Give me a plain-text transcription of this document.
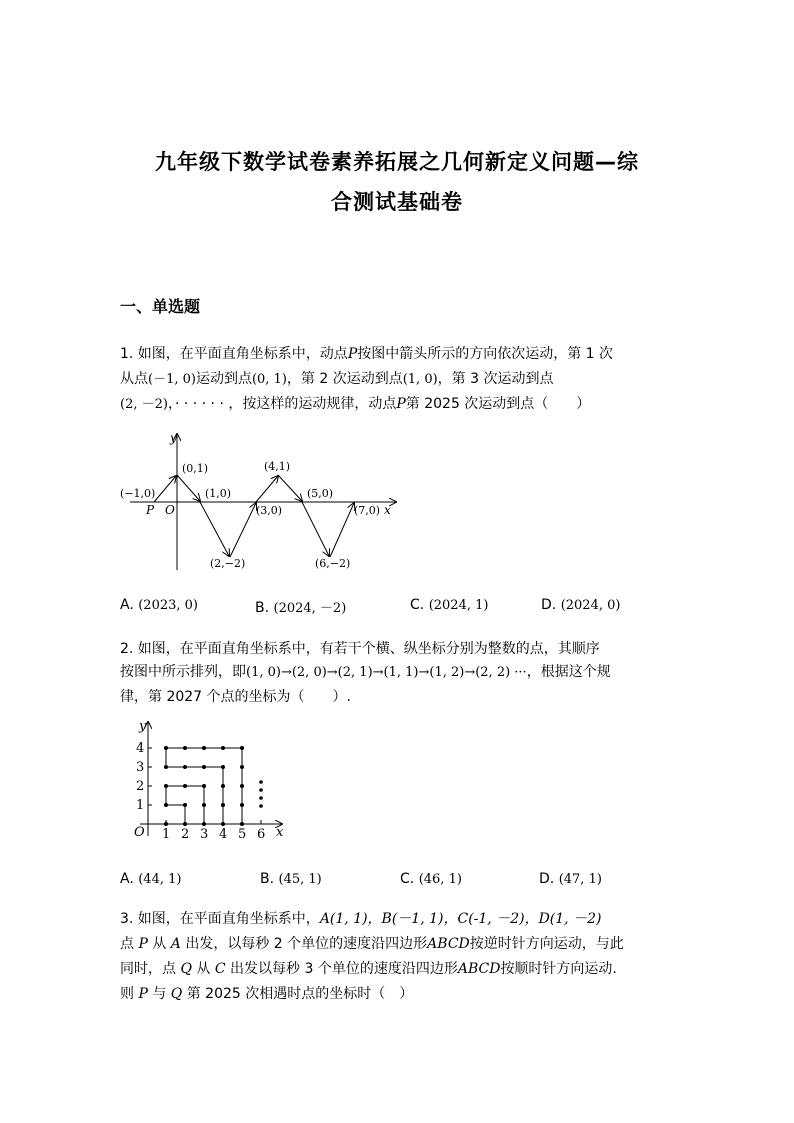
九年级下数学试卷素养拓展之几何新定义问题—综
合测试基础卷
一、单选题
1. 如图，在平面直角坐标系中，动点P按图中箭头所示的方向依次运动，第 1 次
从点(－1, 0)运动到点(0, 1)，第 2 次运动到点(1, 0)，第 3 次运动到点
(2, －2)，· · · · · · ，按这样的运动规律，动点P第 2025 次运动到点（　　）
y
x
O
P
(−1,0)
(0,1)
(1,0)
(2,−2)
(3,0)
(4,1)
(5,0)
(6,−2)
(7,0)
A. (2023, 0)	B. (2024, －2)	C. (2024, 1)	D. (2024, 0)
2. 如图，在平面直角坐标系中，有若干个横、纵坐标分别为整数的点，其顺序
按图中所示排列，即(1, 0)→(2, 0)→(2, 1)→(1, 1)→(1, 2)→(2, 2) ···，根据这个规
律，第 2027 个点的坐标为（　　）.
y
x
O 1 2 3 4 5 6
1
2
3
4
A. (44, 1)	B. (45, 1)	C. (46, 1)	D. (47, 1)
3. 如图，在平面直角坐标系中，A(1, 1)，B(－1, 1)，C(-1, －2)，D(1, －2)
点 P 从 A 出发，以每秒 2 个单位的速度沿四边形ABCD按逆时针方向运动，与此
同时，点 Q 从 C 出发以每秒 3 个单位的速度沿四边形ABCD按顺时针方向运动.
则 P 与 Q 第 2025 次相遇时点的坐标时（　）
